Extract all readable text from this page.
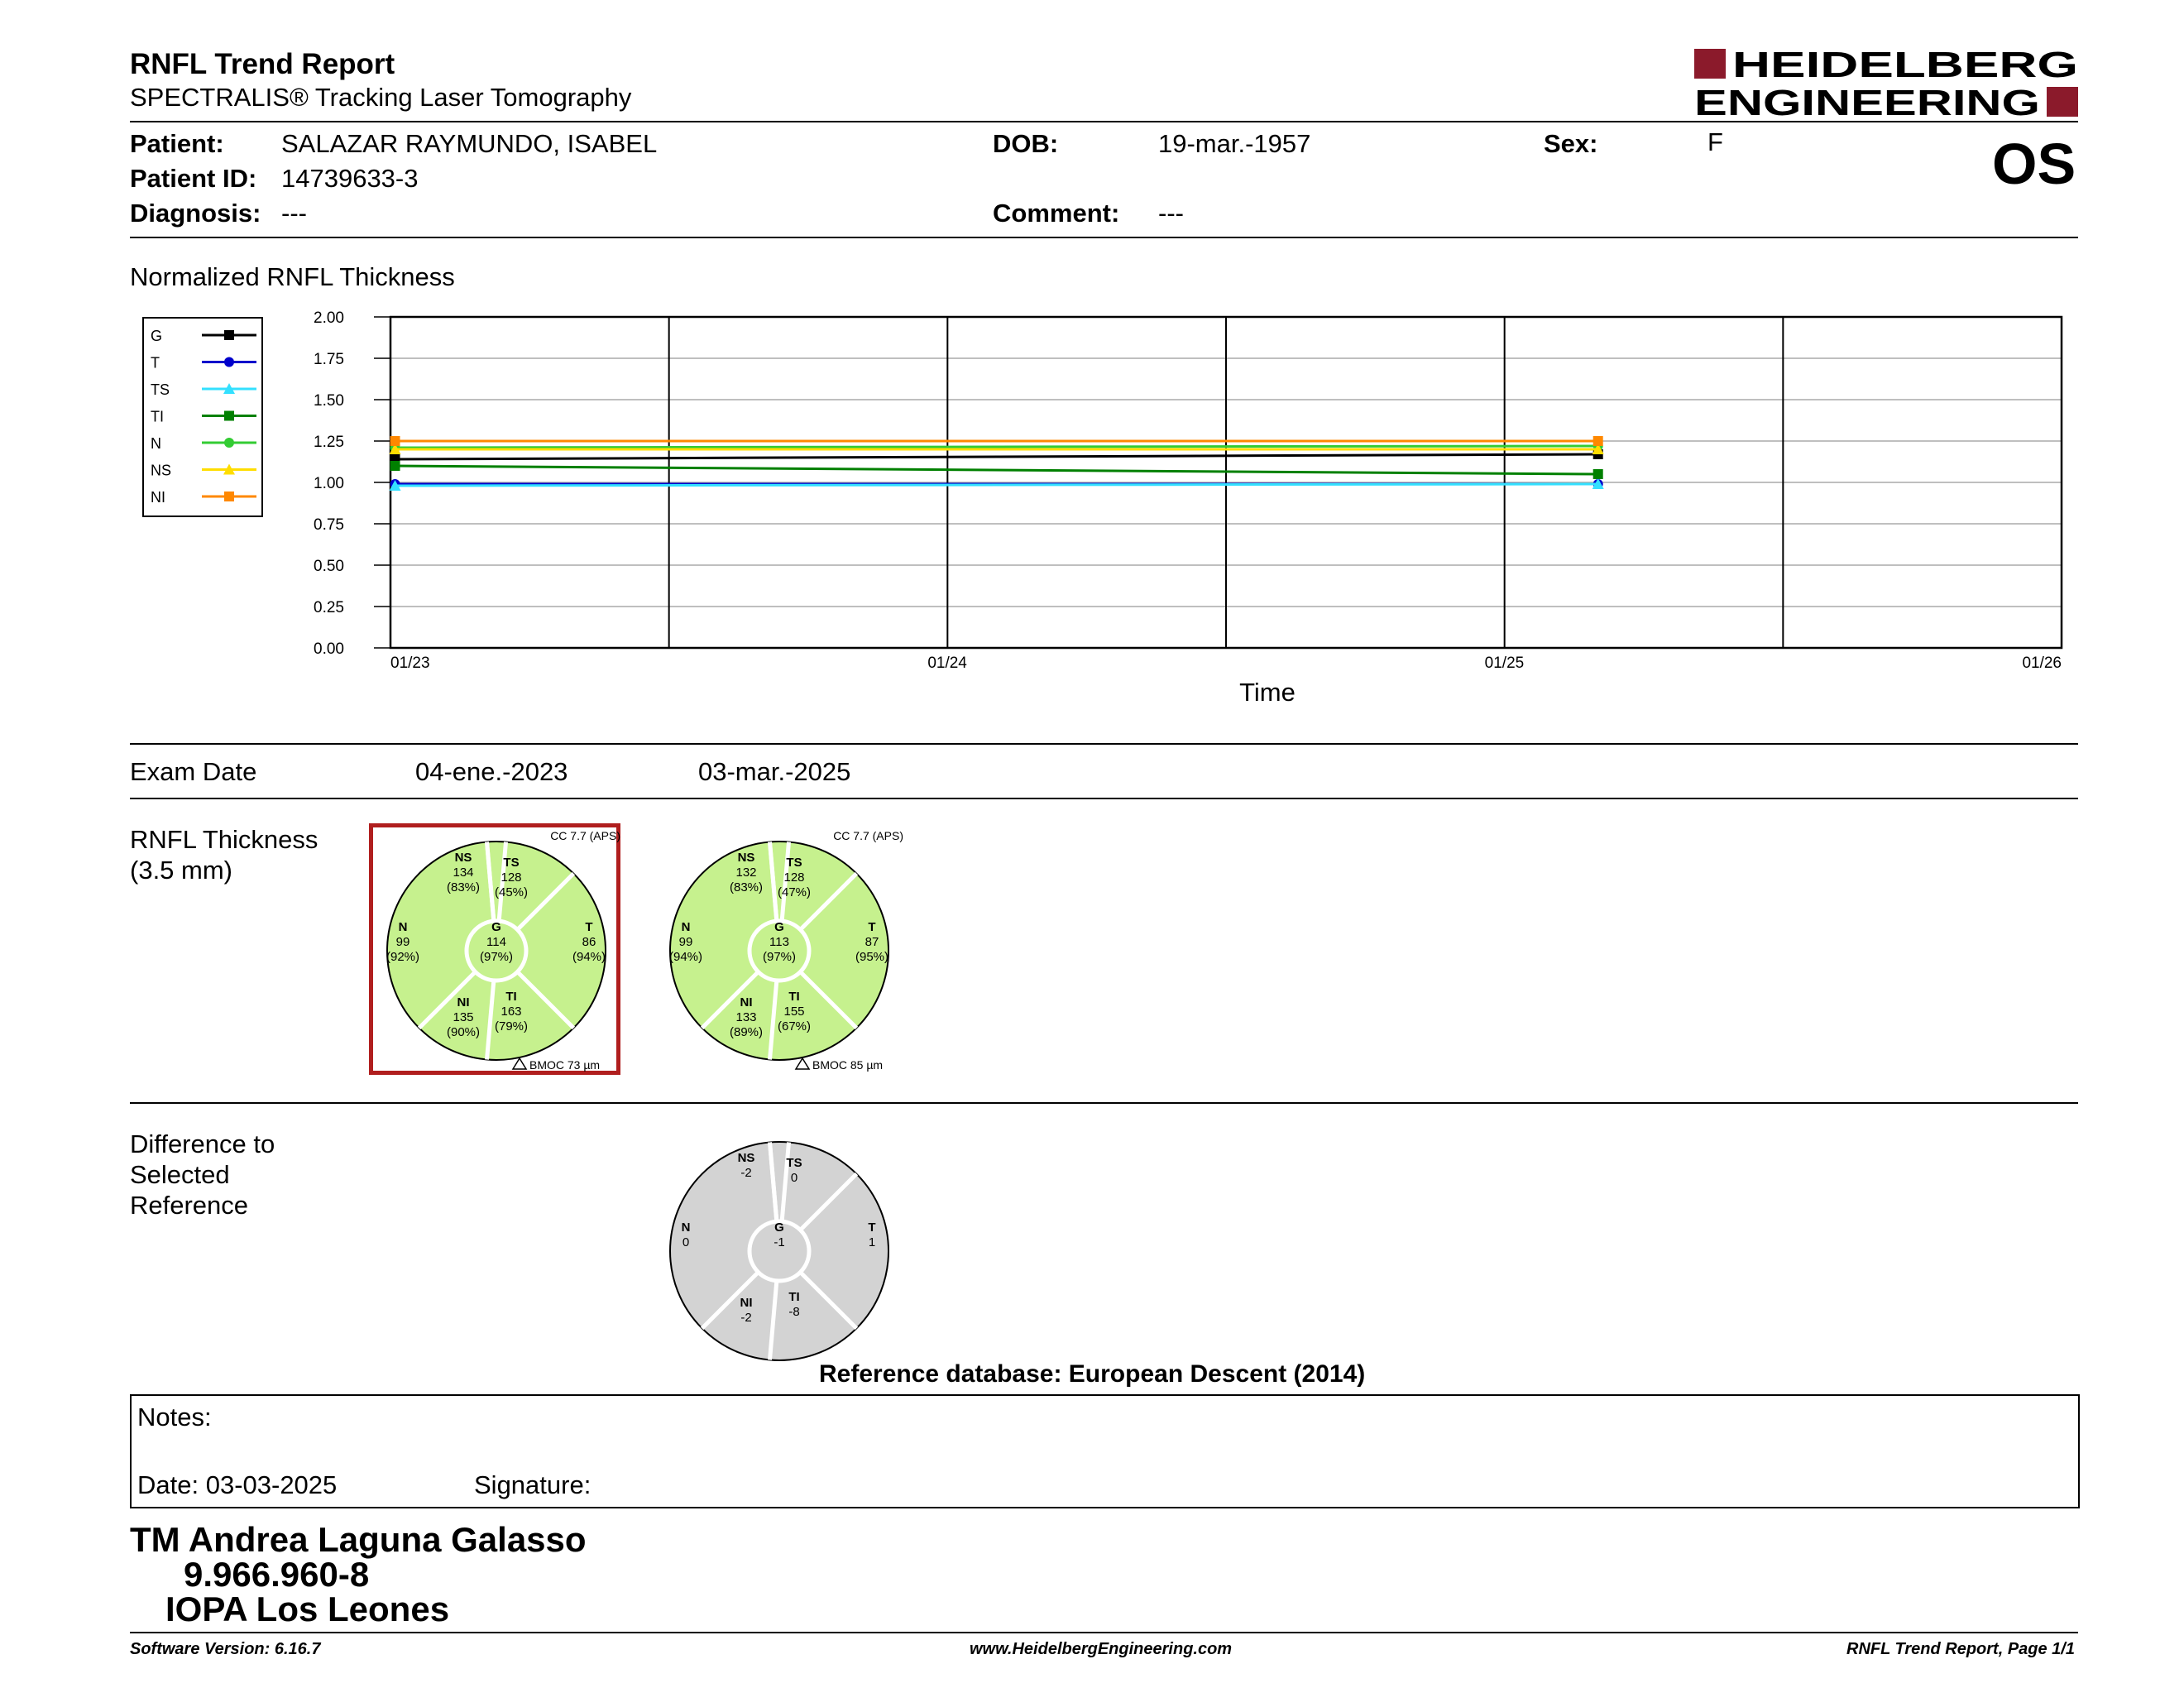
RNFL Trend Report
SPECTRALIS® Tracking Laser Tomography
HEIDELBERG
ENGINEERING
Patient: SALAZAR RAYMUNDO, ISABEL
Patient ID: 14739633-3
Diagnosis: ---
DOB:	19-mar.-1957
Comment: ---
Sex:	F	OS
Normalized RNFL Thickness
G
T
TS
TI
N
NS
NI
2.00
1.75
1.50
1.25
1.00
0.75
0.50
0.25
0.00
01/23	01/24	01/25	01/26
Time
Exam Date	04-ene.-2023	03-mar.-2025
RNFL Thickness
(3.5 mm)	NS
134
(83%)
TS
128
(45%)
N
99
(92%)
G
114
(97%)
T
86
(94%)
NI
135
(90%)
TI
163
(79%)
CC 7.7 (APS)
BMOC 73 µm
NS
132
(83%)
TS
128
(47%)
N
99
(94%)
G
113
(97%)
T
87
(95%)
NI
133
(89%)
TI
155
(67%)
CC 7.7 (APS)
BMOC 85 µm
Difference to
Selected
Reference
NS
-2
TS
0
N
0
G
-1
T
1
NI
-2
TI
-8
Reference database: European Descent (2014)
Notes:
Date: 03-03-2025	Signature:
TM Andrea Laguna Galasso
9.966.960-8
IOPA Los Leones
Software Version: 6.16.7	www.HeidelbergEngineering.com	RNFL Trend Report, Page 1/1
